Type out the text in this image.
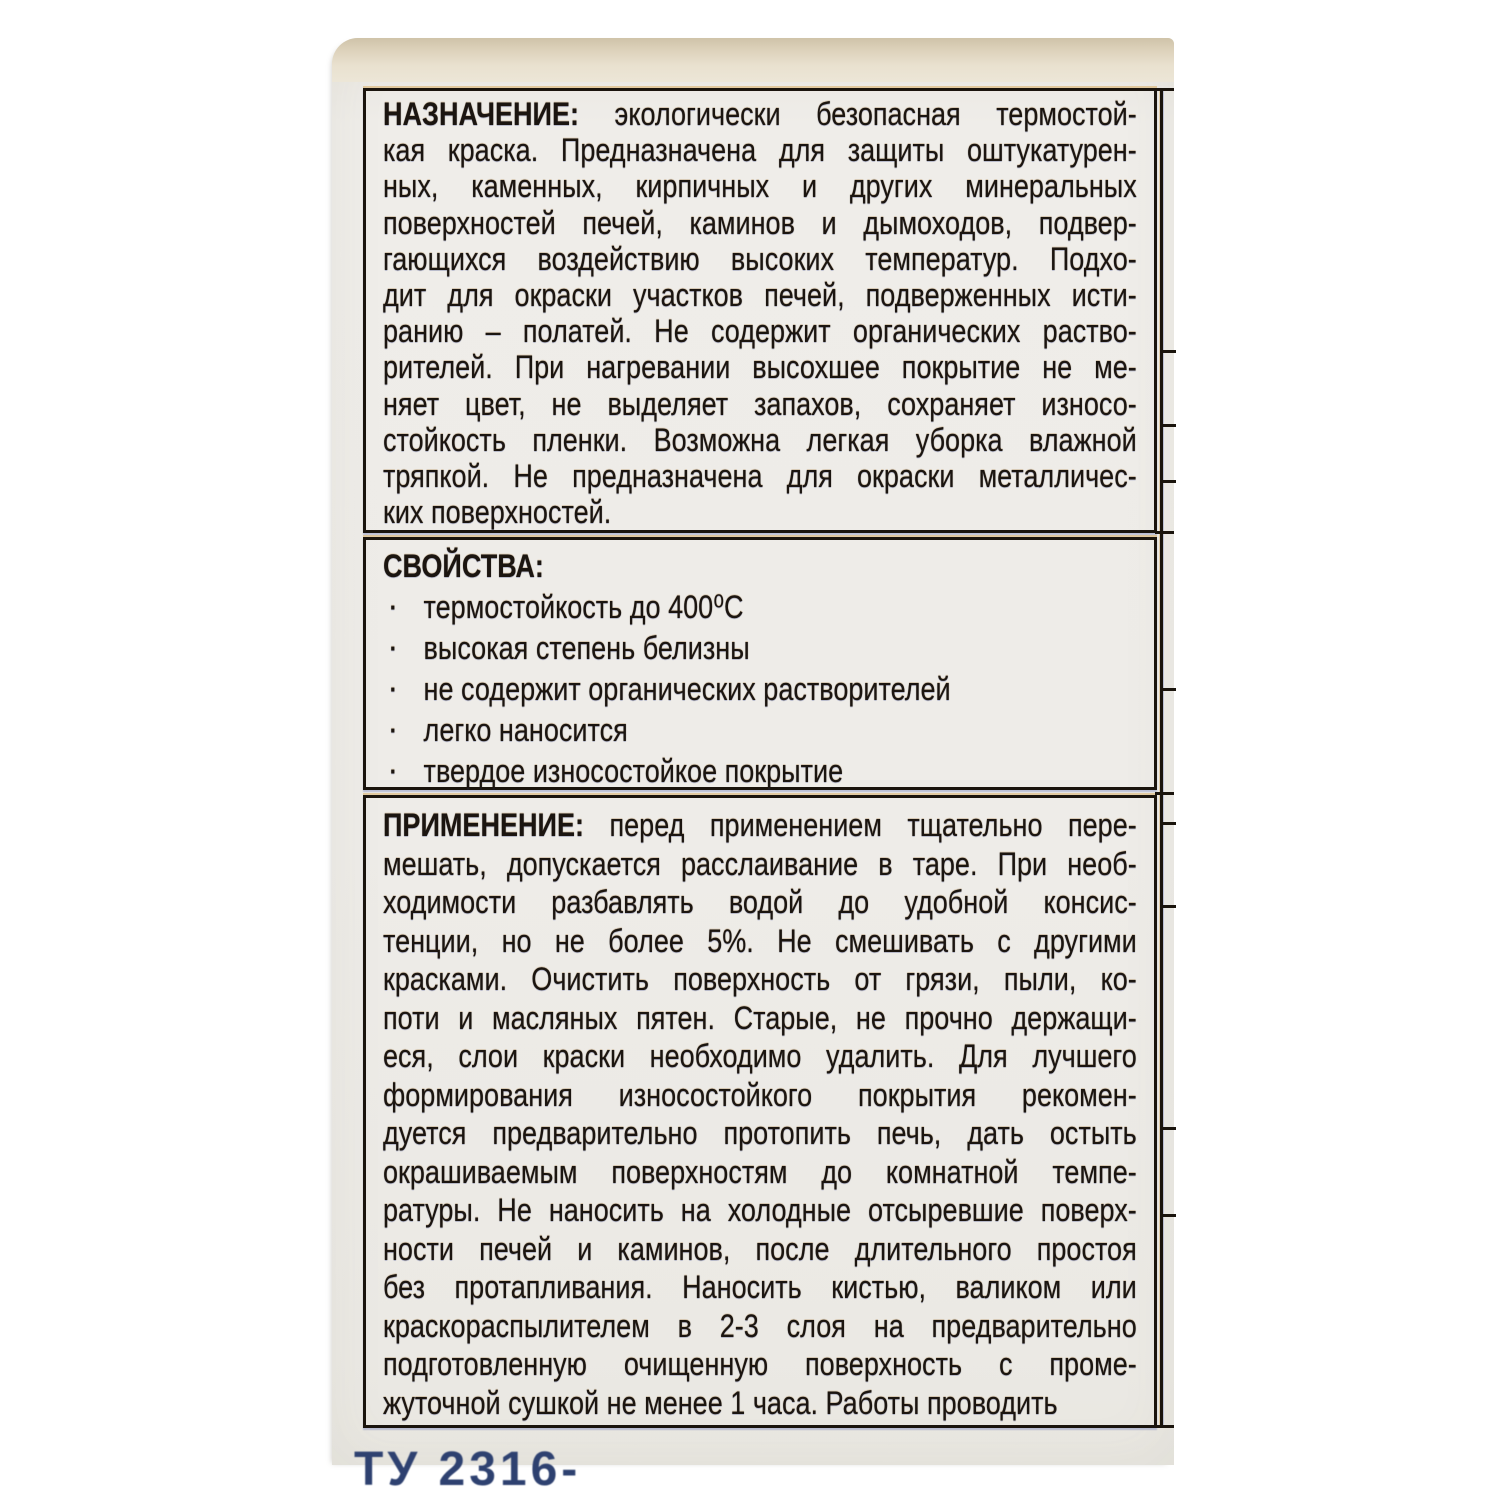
НАЗНАЧЕНИЕ: экологически безопасная термостой-
кая краска. Предназначена для защиты оштукатурен-
ных, каменных, кирпичных и других минеральных
поверхностей печей, каминов и дымоходов, подвер-
гающихся воздействию высоких температур. Подхо-
дит для окраски участков печей, подверженных исти-
ранию – полатей. Не содержит органических раство-
рителей. При нагревании высохшее покрытие не ме-
няет цвет, не выделяет запахов, сохраняет износо-
стойкость пленки. Возможна легкая уборка влажной
тряпкой. Не предназначена для окраски металличес-
ких поверхностей.
СВОЙСТВА:
· термостойкость до 400⁰С
· высокая степень белизны
· не содержит органических растворителей
· легко наносится
· твердое износостойкое покрытие
ПРИМЕНЕНИЕ: перед применением тщательно пере-
мешать, допускается расслаивание в таре. При необ-
ходимости разбавлять водой до удобной консис-
тенции, но не более 5%. Не смешивать с другими
красками. Очистить поверхность от грязи, пыли, ко-
поти и масляных пятен. Старые, не прочно держащи-
еся, слои краски необходимо удалить. Для лучшего
формирования износостойкого покрытия рекомен-
дуется предварительно протопить печь, дать остыть
окрашиваемым поверхностям до комнатной темпе-
ратуры. Не наносить на холодные отсыревшие поверх-
ности печей и каминов, после длительного простоя
без протапливания. Наносить кистью, валиком или
краскораспылителем в 2-3 слоя на предварительно
подготовленную очищенную поверхность с проме-
жуточной сушкой не менее 1 часа. Работы проводить
ТУ 2316-
